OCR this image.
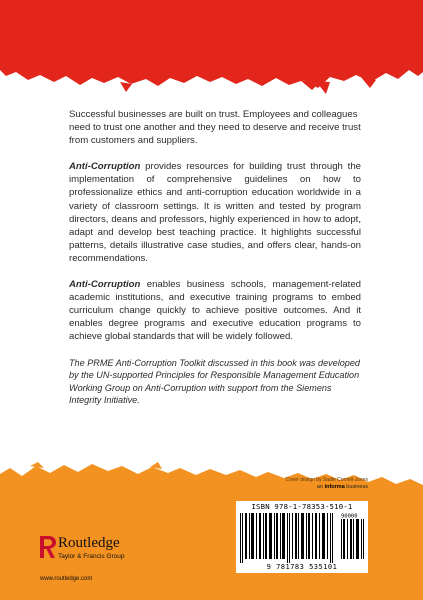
Successful businesses are built on trust. Employees and colleagues need to trust one another and they need to deserve and receive trust from customers and suppliers.

Anti-Corruption provides resources for building trust through the implementation of comprehensive guidelines on how to professionalize ethics and anti-corruption education worldwide in a variety of classroom settings. It is written and tested by program directors, deans and professors, highly experienced in how to adopt, adapt and develop best teaching practice. It highlights successful patterns, details illustrative case studies, and offers clear, hands-on recommendations.

Anti-Corruption enables business schools, management-related academic institutions, and executive training programs to embed curriculum change quickly to achieve positive outcomes. And it enables degree programs and executive education programs to achieve global standards that will be widely followed.

The PRME Anti-Corruption Toolkit discussed in this book was developed by the UN-supported Principles for Responsible Management Education Working Group on Anti-Corruption with support from the Siemens Integrity Initiative.

Cover design by Sadie Cornell-Jones
an informa business
ISBN 978-1-78353-510-1
90000
9 781783 535101
Routledge
Taylor & Francis Group
www.routledge.com
